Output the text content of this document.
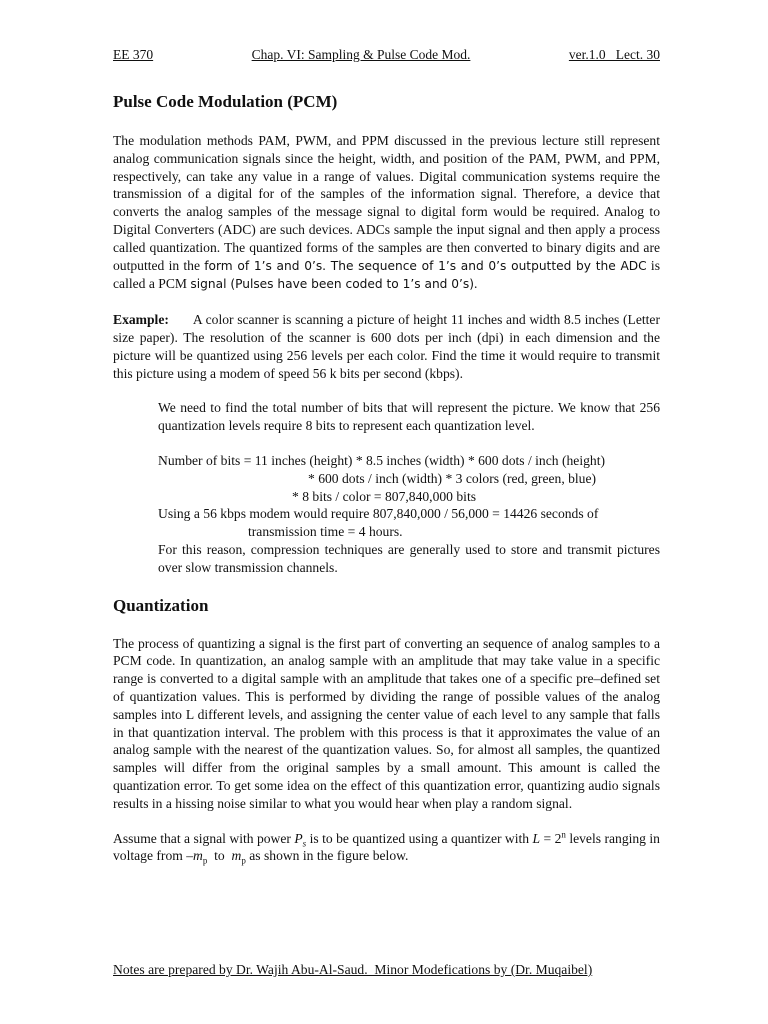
EE 370	Chap. VI: Sampling & Pulse Code Mod.	ver.1.0   Lect. 30
Pulse Code Modulation (PCM)

The modulation methods PAM, PWM, and PPM discussed in the previous lecture still represent analog communication signals since the height, width, and position of the PAM, PWM, and PPM, respectively, can take any value in a range of values. Digital communication systems require the transmission of a digital for of the samples of the information signal. Therefore, a device that converts the analog samples of the message signal to digital form would be required. Analog to Digital Converters (ADC) are such devices. ADCs sample the input signal and then apply a process called quantization. The quantized forms of the samples are then converted to binary digits and are outputted in the form of 1’s and 0’s. The sequence of 1’s and 0’s outputted by the ADC is called a PCM signal (Pulses have been coded to 1’s and 0’s).

Example: A color scanner is scanning a picture of height 11 inches and width 8.5 inches (Letter size paper). The resolution of the scanner is 600 dots per inch (dpi) in each dimension and the picture will be quantized using 256 levels per each color. Find the time it would require to transmit this picture using a modem of speed 56 k bits per second (kbps).

We need to find the total number of bits that will represent the picture. We know that 256 quantization levels require 8 bits to represent each quantization level.

Number of bits = 11 inches (height) * 8.5 inches (width) * 600 dots / inch (height)
* 600 dots / inch (width) * 3 colors (red, green, blue)
* 8 bits / color = 807,840,000 bits
Using a 56 kbps modem would require 807,840,000 / 56,000 = 14426 seconds of
transmission time = 4 hours.
For this reason, compression techniques are generally used to store and transmit pictures over slow transmission channels.
Quantization

The process of quantizing a signal is the first part of converting an sequence of analog samples to a PCM code. In quantization, an analog sample with an amplitude that may take value in a specific range is converted to a digital sample with an amplitude that takes one of a specific pre–defined set of quantization values. This is performed by dividing the range of possible values of the analog samples into L different levels, and assigning the center value of each level to any sample that falls in that quantization interval. The problem with this process is that it approximates the value of an analog sample with the nearest of the quantization values. So, for almost all samples, the quantized samples will differ from the original samples by a small amount. This amount is called the quantization error. To get some idea on the effect of this quantization error, quantizing audio signals results in a hissing noise similar to what you would hear when play a random signal.

Assume that a signal with power $P_s$ is to be quantized using a quantizer with $L = 2^n$ levels ranging in voltage from $-m_p$  to  $m_p$ as shown in the figure below.

Notes are prepared by Dr. Wajih Abu-Al-Saud.  Minor Modefications by (Dr. Muqaibel)
